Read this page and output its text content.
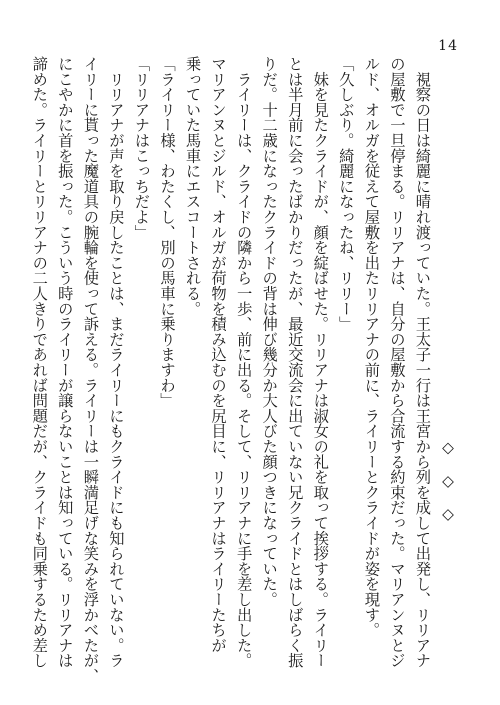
14
　　　　　　　　　　　　　　　　　　　　　　　　　◇　◇　◇
　視察の日は綺麗に晴れ渡っていた。王太子一行は王宮から列を成して出発し、リリアナ
の屋敷で一旦停まる。リリアナは、自分の屋敷から合流する約束だった。マリアンヌとジ
ルド、オルガを従えて屋敷を出たリリアナの前に、ライリーとクライドが姿を現す。
「久しぶり。綺麗になったね、リリー」
　妹を見たクライドが、顔を綻ばせた。リリアナは淑女の礼を取って挨拶する。ライリー
とは半月前に会ったばかりだったが、最近交流会に出ていない兄クライドとはしばらく振
りだ。十二歳になったクライドの背は伸び幾分か大人びた顔つきになっていた。
　ライリーは、クライドの隣から一歩、前に出る。そして、リリアナに手を差し出した。
マリアンヌとジルド、オルガが荷物を積み込むのを尻目に、リリアナはライリーたちが
乗っていた馬車にエスコートされる。
「ライリー様、わたくし、別の馬車に乗りますわ」
「リリアナはこっちだよ」
　リリアナが声を取り戻したことは、まだライリーにもクライドにも知られていない。ラ
イリーに貰った魔道具の腕輪を使って訴える。ライリーは一瞬満足げな笑みを浮かべたが、
にこやかに首を振った。こういう時のライリーが譲らないことは知っている。リリアナは
諦めた。ライリーとリリアナの二人きりであれば問題だが、クライドも同乗するため差し
